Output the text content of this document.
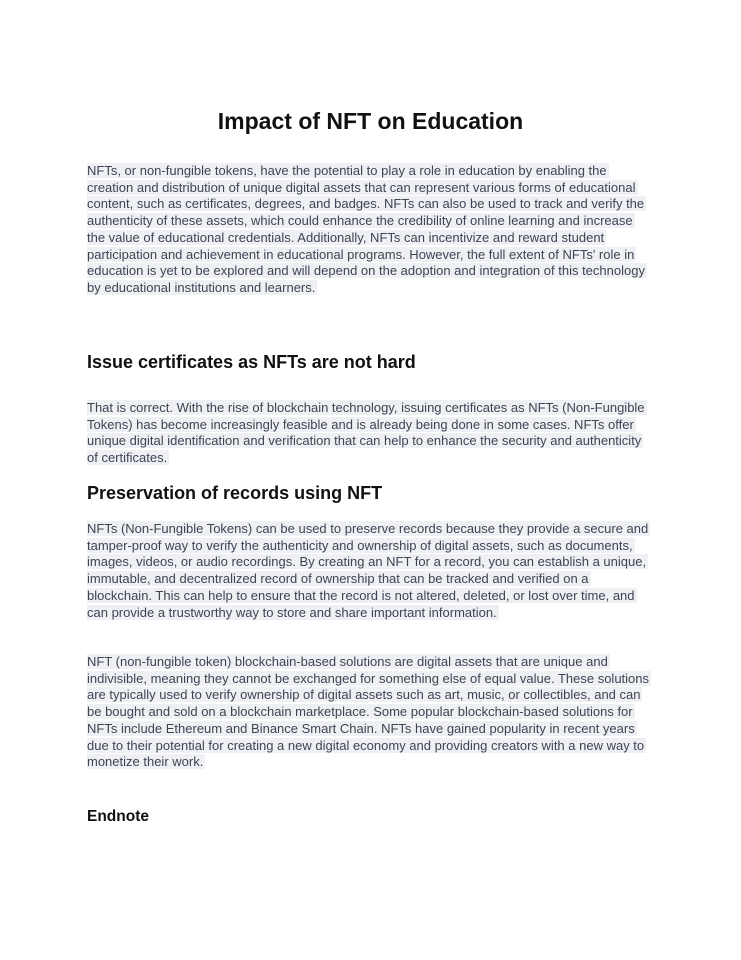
Impact of NFT on Education

NFTs, or non-fungible tokens, have the potential to play a role in education by enabling the creation and distribution of unique digital assets that can represent various forms of educational content, such as certificates, degrees, and badges. NFTs can also be used to track and verify the authenticity of these assets, which could enhance the credibility of online learning and increase the value of educational credentials. Additionally, NFTs can incentivize and reward student participation and achievement in educational programs. However, the full extent of NFTs' role in education is yet to be explored and will depend on the adoption and integration of this technology by educational institutions and learners.

Issue certificates as NFTs are not hard

That is correct. With the rise of blockchain technology, issuing certificates as NFTs (Non-Fungible Tokens) has become increasingly feasible and is already being done in some cases. NFTs offer unique digital identification and verification that can help to enhance the security and authenticity of certificates.

Preservation of records using NFT

NFTs (Non-Fungible Tokens) can be used to preserve records because they provide a secure and tamper-proof way to verify the authenticity and ownership of digital assets, such as documents, images, videos, or audio recordings. By creating an NFT for a record, you can establish a unique, immutable, and decentralized record of ownership that can be tracked and verified on a blockchain. This can help to ensure that the record is not altered, deleted, or lost over time, and can provide a trustworthy way to store and share important information.

NFT (non-fungible token) blockchain-based solutions are digital assets that are unique and indivisible, meaning they cannot be exchanged for something else of equal value. These solutions are typically used to verify ownership of digital assets such as art, music, or collectibles, and can be bought and sold on a blockchain marketplace. Some popular blockchain-based solutions for NFTs include Ethereum and Binance Smart Chain. NFTs have gained popularity in recent years due to their potential for creating a new digital economy and providing creators with a new way to monetize their work.

Endnote
